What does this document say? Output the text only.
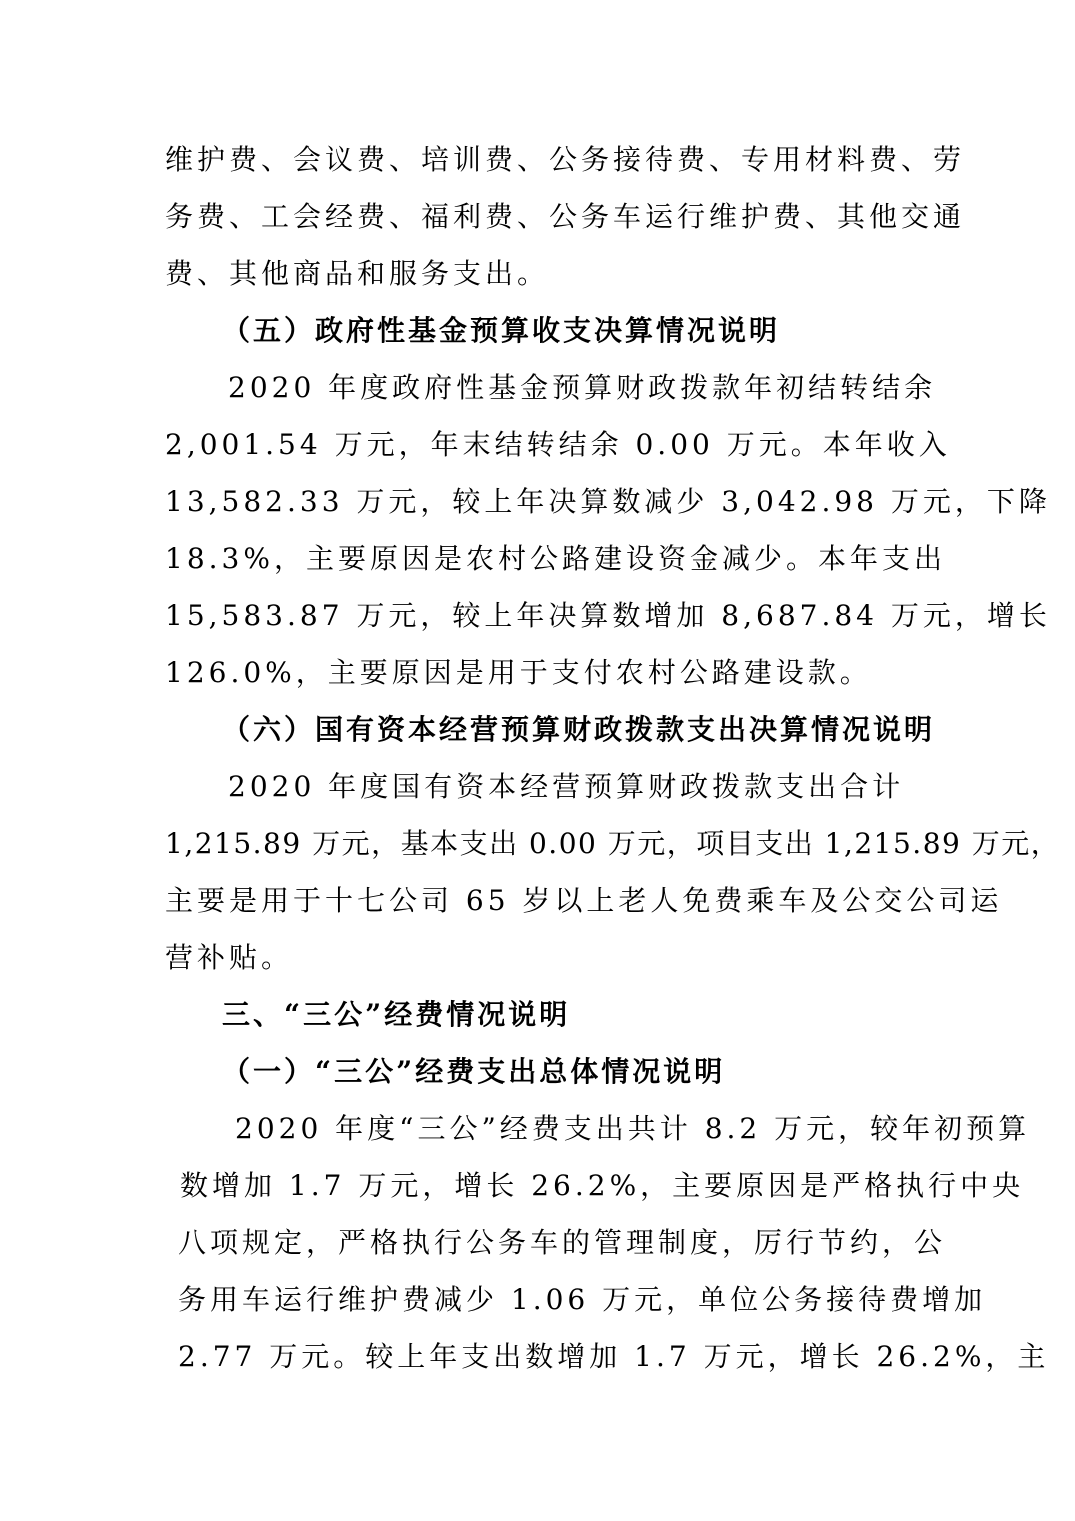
维护费、会议费、培训费、公务接待费、专用材料费、劳

务费、工会经费、福利费、公务车运行维护费、其他交通

费、其他商品和服务支出。

（五）政府性基金预算收支决算情况说明

2020 年度政府性基金预算财政拨款年初结转结余

2,001.54 万元，年末结转结余 0.00 万元。本年收入

13,582.33 万元，较上年决算数减少 3,042.98 万元，下降

18.3%，主要原因是农村公路建设资金减少。本年支出

15,583.87 万元，较上年决算数增加 8,687.84 万元，增长

126.0%，主要原因是用于支付农村公路建设款。

（六）国有资本经营预算财政拨款支出决算情况说明

2020 年度国有资本经营预算财政拨款支出合计

1,215.89 万元，基本支出 0.00 万元，项目支出 1,215.89 万元，

主要是用于十七公司 65 岁以上老人免费乘车及公交公司运

营补贴。

三、“三公”经费情况说明

（一）“三公”经费支出总体情况说明

2020 年度“三公”经费支出共计 8.2 万元，较年初预算

数增加 1.7 万元，增长 26.2%，主要原因是严格执行中央

八项规定，严格执行公务车的管理制度，厉行节约，公

务用车运行维护费减少 1.06 万元，单位公务接待费增加

2.77 万元。较上年支出数增加 1.7 万元，增长 26.2%，主
